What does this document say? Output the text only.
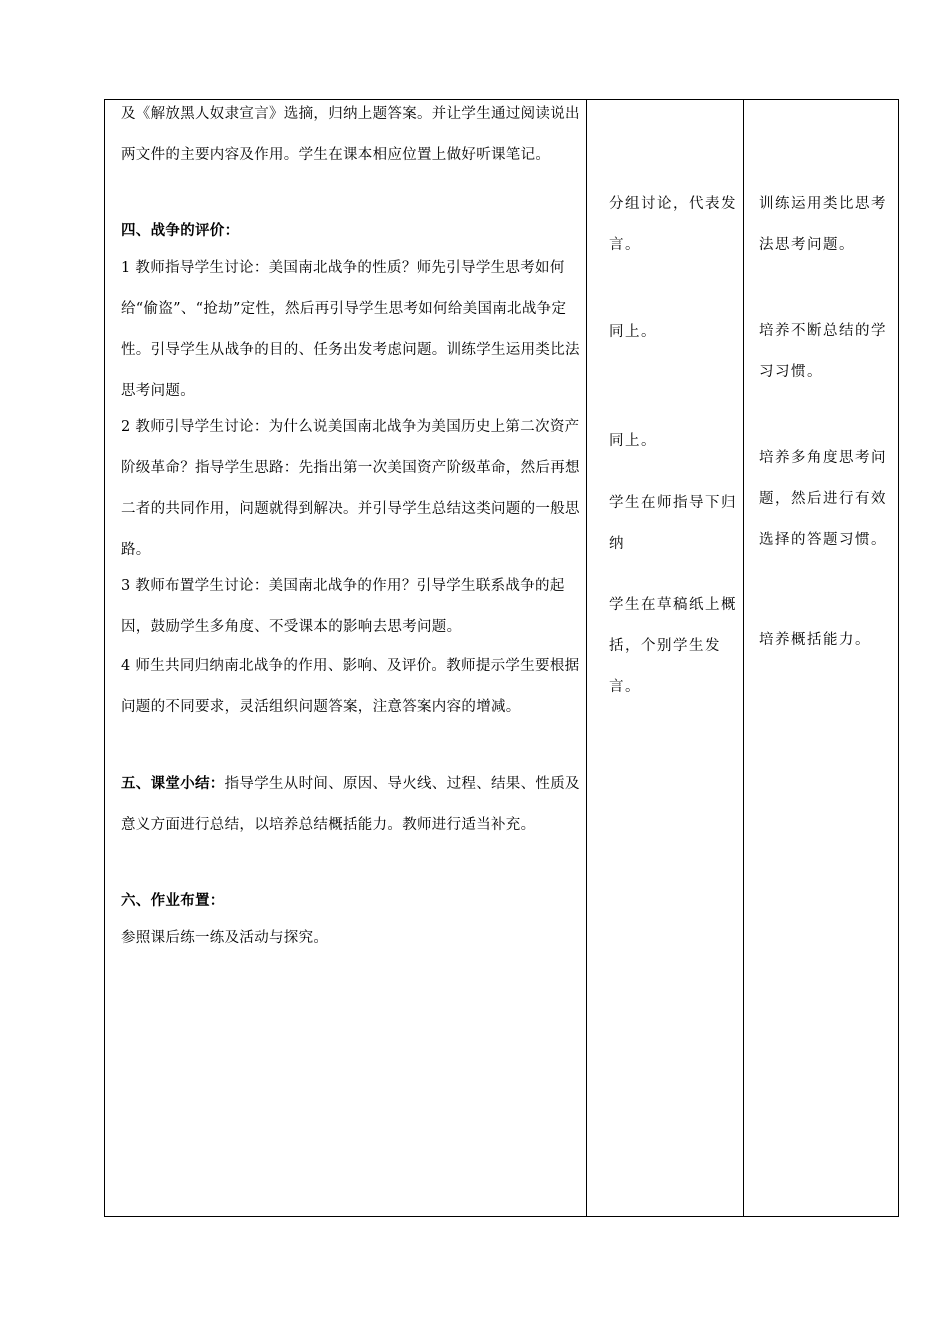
及《解放黑人奴隶宣言》选摘，归纳上题答案。并让学生通过阅读说出两文件的主要内容及作用。学生在课本相应位置上做好听课笔记。

四、战争的评价：

1 教师指导学生讨论：美国南北战争的性质？师先引导学生思考如何给“偷盗”、“抢劫”定性，然后再引导学生思考如何给美国南北战争定性。引导学生从战争的目的、任务出发考虑问题。训练学生运用类比法思考问题。

2 教师引导学生讨论：为什么说美国南北战争为美国历史上第二次资产阶级革命？指导学生思路：先指出第一次美国资产阶级革命，然后再想二者的共同作用，问题就得到解决。并引导学生总结这类问题的一般思路。

3 教师布置学生讨论：美国南北战争的作用？引导学生联系战争的起因，鼓励学生多角度、不受课本的影响去思考问题。

4 师生共同归纳南北战争的作用、影响、及评价。教师提示学生要根据问题的不同要求，灵活组织问题答案，注意答案内容的增减。

五、课堂小结：指导学生从时间、原因、导火线、过程、结果、性质及意义方面进行总结，以培养总结概括能力。教师进行适当补充。

六、作业布置：

参照课后练一练及活动与探究。

分组讨论，代表发言。

同上。

同上。

学生在师指导下归纳

学生在草稿纸上概括，个别学生发言。

训练运用类比思考法思考问题。

培养不断总结的学习习惯。

培养多角度思考问题，然后进行有效选择的答题习惯。

培养概括能力。
